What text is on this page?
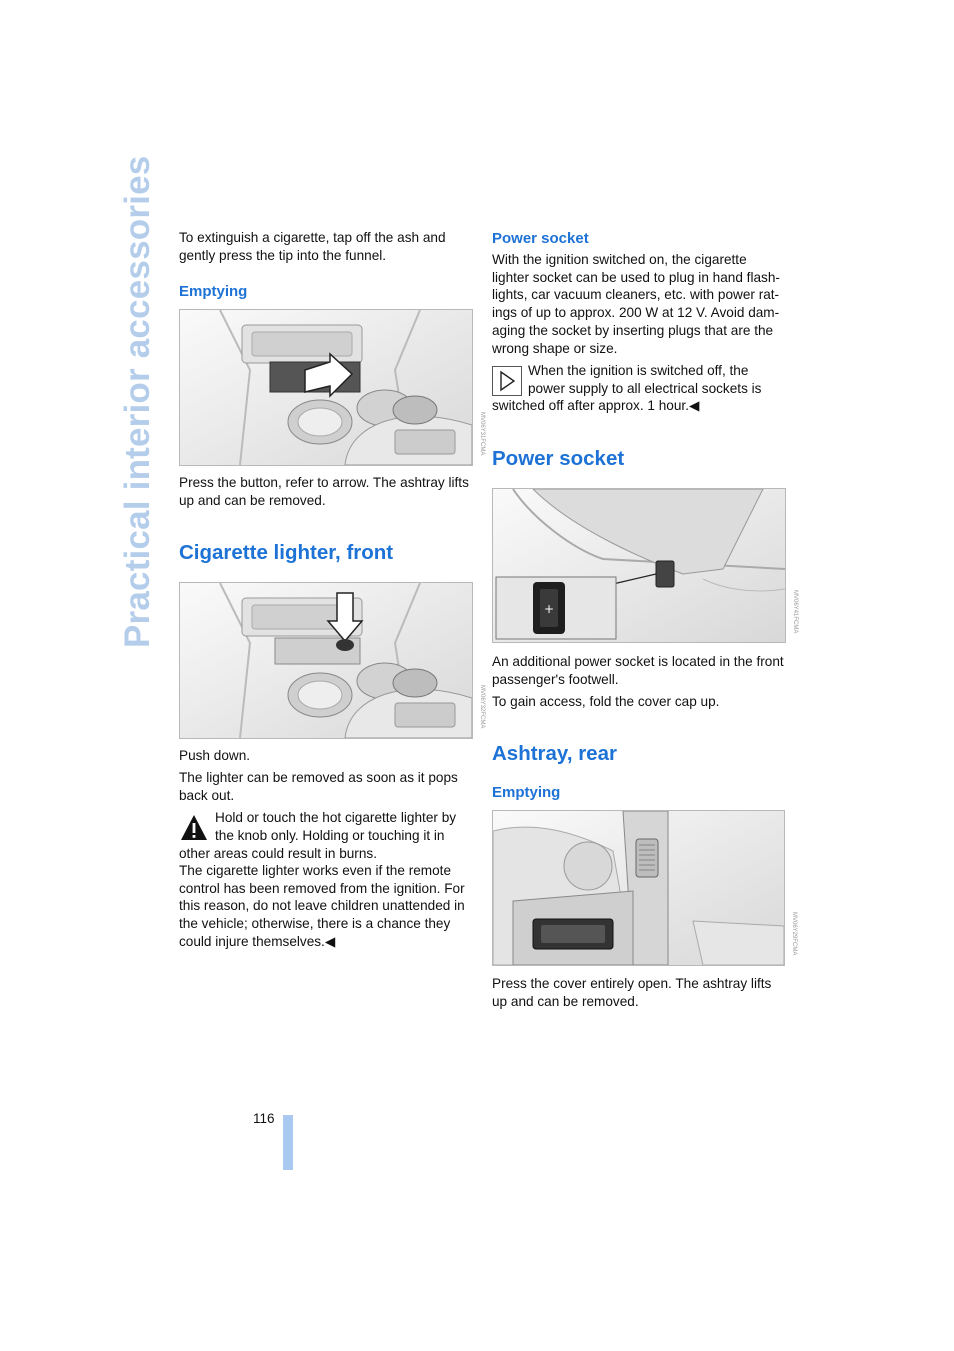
Practical interior accessories To extinguish a cigarette, tap off the ash and gently press the tip into the funnel.

Emptying

MV06Y31FCMA

Press the button, refer to arrow. The ashtray lifts up and can be removed.

Cigarette lighter, front

MV06Y32FCMA

Push down.

The lighter can be removed as soon as it pops back out.

Hold or touch the hot cigarette lighter by

the knob only. Holding or touching it in

other areas could result in burns.

The cigarette lighter works even if the remote control has been removed from the ignition. For this reason, do not leave children unattended in the vehicle; otherwise, there is a chance they could injure themselves.◀

Power socket

With the ignition switched on, the cigarette lighter socket can be used to plug in hand flash-lights, car vacuum cleaners, etc. with power rat-ings of up to approx. 200 W at 12 V. Avoid dam-aging the socket by inserting plugs that are the wrong shape or size.

When the ignition is switched off, the

power supply to all electrical sockets is

switched off after approx. 1 hour.◀

Power socket

+	MV06Y41FCMA

An additional power socket is located in the front passenger's footwell.

To gain access, fold the cover cap up.

Ashtray, rear

Emptying

MV06Y29FCMA

Press the cover entirely open. The ashtray lifts up and can be removed.

116
